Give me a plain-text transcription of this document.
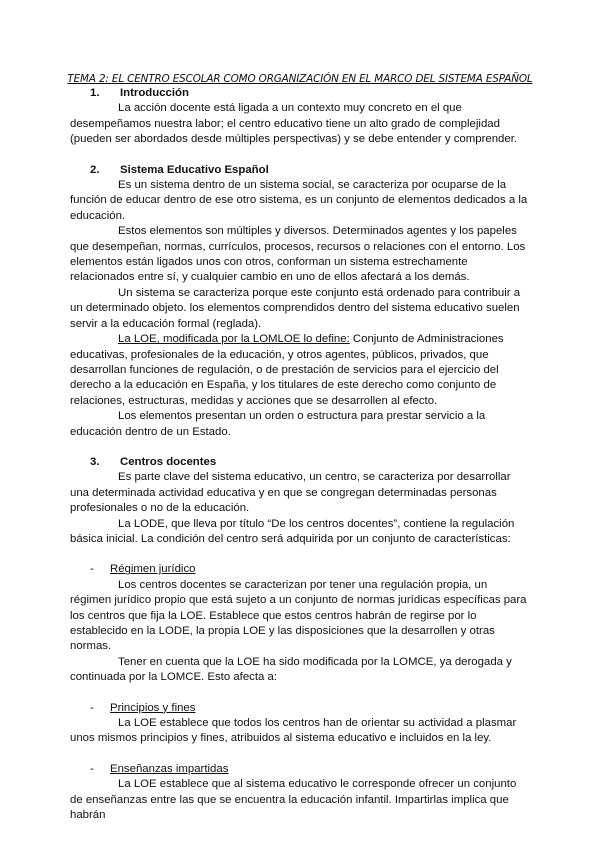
TEMA 2: EL CENTRO ESCOLAR COMO ORGANIZACIÓN EN EL MARCO DEL SISTEMA ESPAÑOL
1. Introducción

La acción docente está ligada a un contexto muy concreto en el que desempeñamos nuestra labor; el centro educativo tiene un alto grado de complejidad (pueden ser abordados desde múltiples perspectivas) y se debe entender y comprender.

2. Sistema Educativo Español

Es un sistema dentro de un sistema social, se caracteriza por ocuparse de la función de educar dentro de ese otro sistema, es un conjunto de elementos dedicados a la educación.

Estos elementos son múltiples y diversos. Determinados agentes y los papeles que desempeñan, normas, currículos, procesos, recursos o relaciones con el entorno. Los elementos están ligados unos con otros, conforman un sistema estrechamente relacionados entre sí, y cualquier cambio en uno de ellos afectará a los demás.

Un sistema se caracteriza porque este conjunto está ordenado para contribuir a un determinado objeto. los elementos comprendidos dentro del sistema educativo suelen servir a la educación formal (reglada).

La LOE, modificada por la LOMLOE lo define: Conjunto de Administraciones educativas, profesionales de la educación, y otros agentes, públicos, privados, que desarrollan funciones de regulación, o de prestación de servicios para el ejercicio del derecho a la educación en España, y los titulares de este derecho como conjunto de relaciones, estructuras, medidas y acciones que se desarrollen al efecto.

Los elementos presentan un orden o estructura para prestar servicio a la educación dentro de un Estado.

3. Centros docentes

Es parte clave del sistema educativo, un centro, se caracteriza por desarrollar una determinada actividad educativa y en que se congregan determinadas personas profesionales o no de la educación.

La LODE, que lleva por título “De los centros docentes”, contiene la regulación básica inicial. La condición del centro será adquirida por un conjunto de características:

- Régimen jurídico

Los centros docentes se caracterizan por tener una regulación propia, un régimen jurídico propio que está sujeto a un conjunto de normas jurídicas específicas para los centros que fija la LOE. Establece que estos centros habrán de regirse por lo establecido en la LODE, la propia LOE y las disposiciones que la desarrollen y otras normas.

Tener en cuenta que la LOE ha sido modificada por la LOMCE, ya derogada y continuada por la LOMCE. Esto afecta a:

- Principios y fines

La LOE establece que todos los centros han de orientar su actividad a plasmar unos mismos principios y fines, atribuidos al sistema educativo e incluidos en la ley.

- Enseñanzas impartidas

La LOE establece que al sistema educativo le corresponde ofrecer un conjunto de enseñanzas entre las que se encuentra la educación infantil. Impartirlas implica que habrán
